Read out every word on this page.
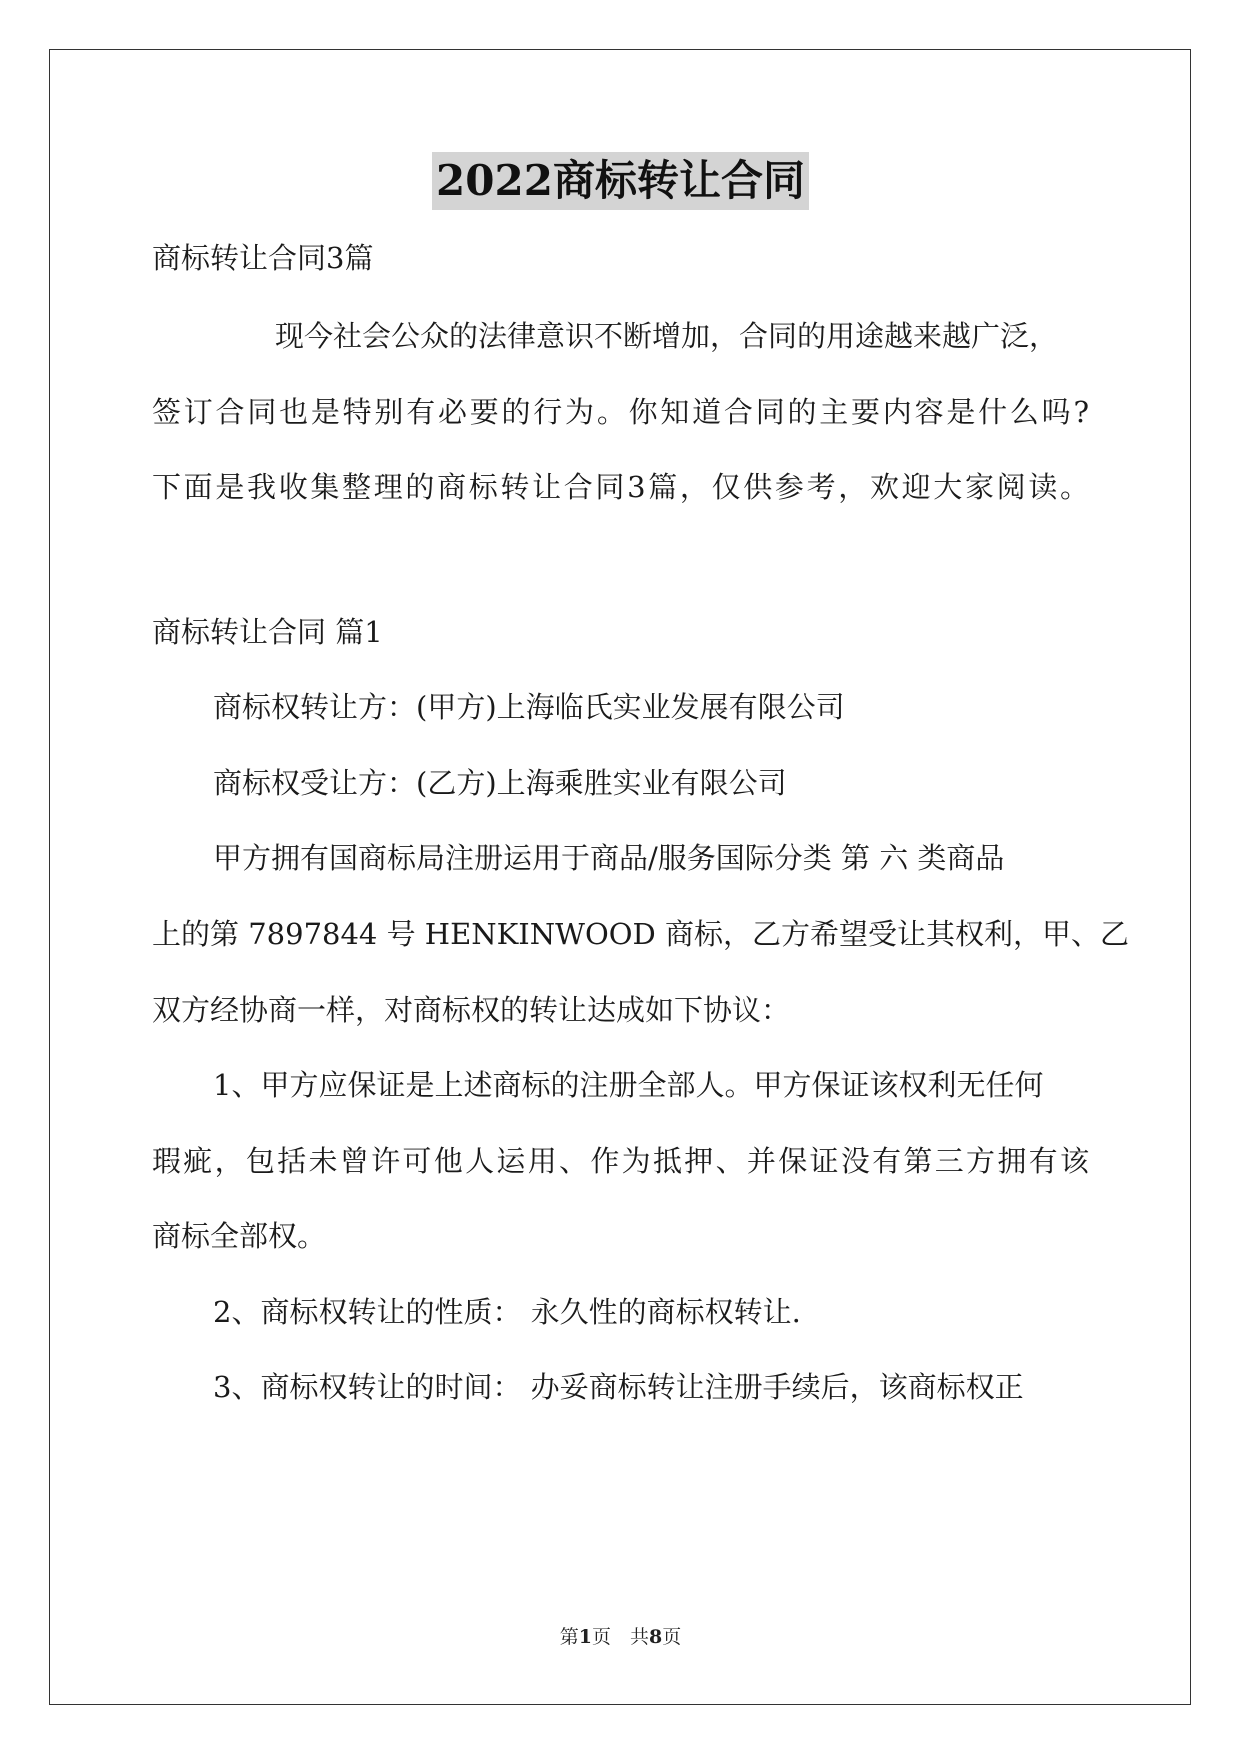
2022商标转让合同
商标转让合同3篇
现今社会公众的法律意识不断增加，合同的用途越来越广泛，
签订合同也是特别有必要的行为。你知道合同的主要内容是什么吗?
下面是我收集整理的商标转让合同3篇，仅供参考，欢迎大家阅读。
商标转让合同 篇1
商标权转让方：(甲方)上海临氏实业发展有限公司
商标权受让方：(乙方)上海乘胜实业有限公司
甲方拥有国商标局注册运用于商品/服务国际分类 第 六 类商品
上的第 7897844 号 HENKINWOOD 商标，乙方希望受让其权利，甲、乙
双方经协商一样，对商标权的转让达成如下协议：
1、甲方应保证是上述商标的注册全部人。甲方保证该权利无任何
瑕疵，包括未曾许可他人运用、作为抵押、并保证没有第三方拥有该
商标全部权。
2、商标权转让的性质： 永久性的商标权转让.
3、商标权转让的时间： 办妥商标转让注册手续后，该商标权正
第1页　共8页
